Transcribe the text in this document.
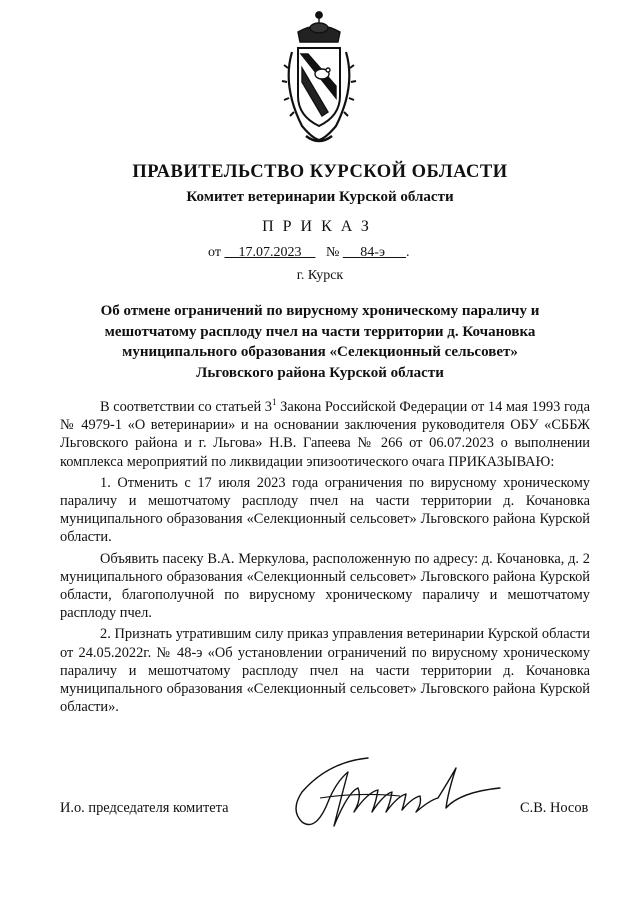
ПРАВИТЕЛЬСТВО КУРСКОЙ ОБЛАСТИ
Комитет ветеринарии Курской области
ПРИКАЗ
от 17.07.2023 № 84-э .
г. Курск
Об отмене ограничений по вирусному хроническому параличу и мешотчатому расплоду пчел на части территории д. Кочановка муниципального образования «Селекционный сельсовет» Льговского района Курской области

В соответствии со статьей $3^1$ Закона Российской Федерации от 14 мая 1993 года № 4979-1 «О ветеринарии» и на основании заключения руководителя ОБУ «СББЖ Льговского района и г. Льгова» Н.В. Гапеева № 266 от 06.07.2023 о выполнении комплекса мероприятий по ликвидации эпизоотического очага ПРИКАЗЫВАЮ:

1. Отменить с 17 июля 2023 года ограничения по вирусному хроническому параличу и мешотчатому расплоду пчел на части территории д. Кочановка муниципального образования «Селекционный сельсовет» Льговского района Курской области.

Объявить пасеку В.А. Меркулова, расположенную по адресу: д. Кочановка, д. 2 муниципального образования «Селекционный сельсовет» Льговского района Курской области, благополучной по вирусному хроническому параличу и мешотчатому расплоду пчел.

2. Признать утратившим силу приказ управления ветеринарии Курской области от 24.05.2022г. № 48-э «Об установлении ограничений по вирусному хроническому параличу и мешотчатому расплоду пчел на части территории д. Кочановка муниципального образования «Селекционный сельсовет» Льговского района Курской области».

И.о. председателя комитета	С.В. Носов
